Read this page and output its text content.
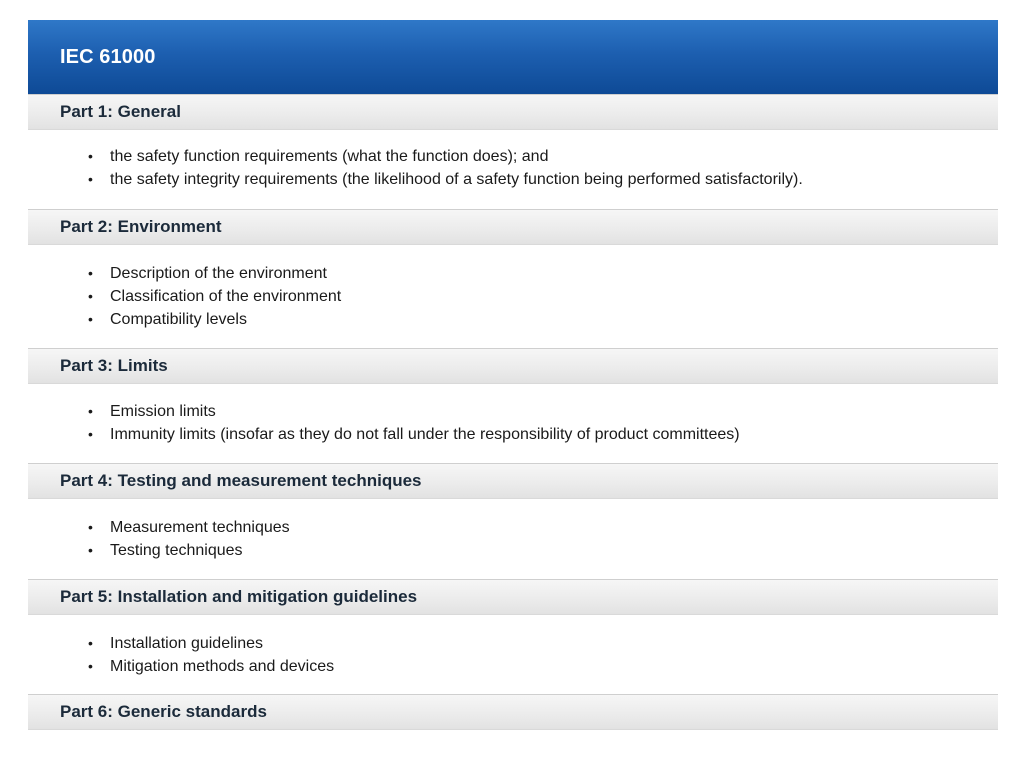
IEC 61000
Part 1: General
• the safety function requirements (what the function does); and
• the safety integrity requirements (the likelihood of a safety function being performed satisfactorily).
Part 2: Environment
• Description of the environment
• Classification of the environment
• Compatibility levels
Part 3: Limits
• Emission limits
• Immunity limits (insofar as they do not fall under the responsibility of product committees)
Part 4: Testing and measurement techniques
• Measurement techniques
• Testing techniques
Part 5: Installation and mitigation guidelines
• Installation guidelines
• Mitigation methods and devices
Part 6: Generic standards
